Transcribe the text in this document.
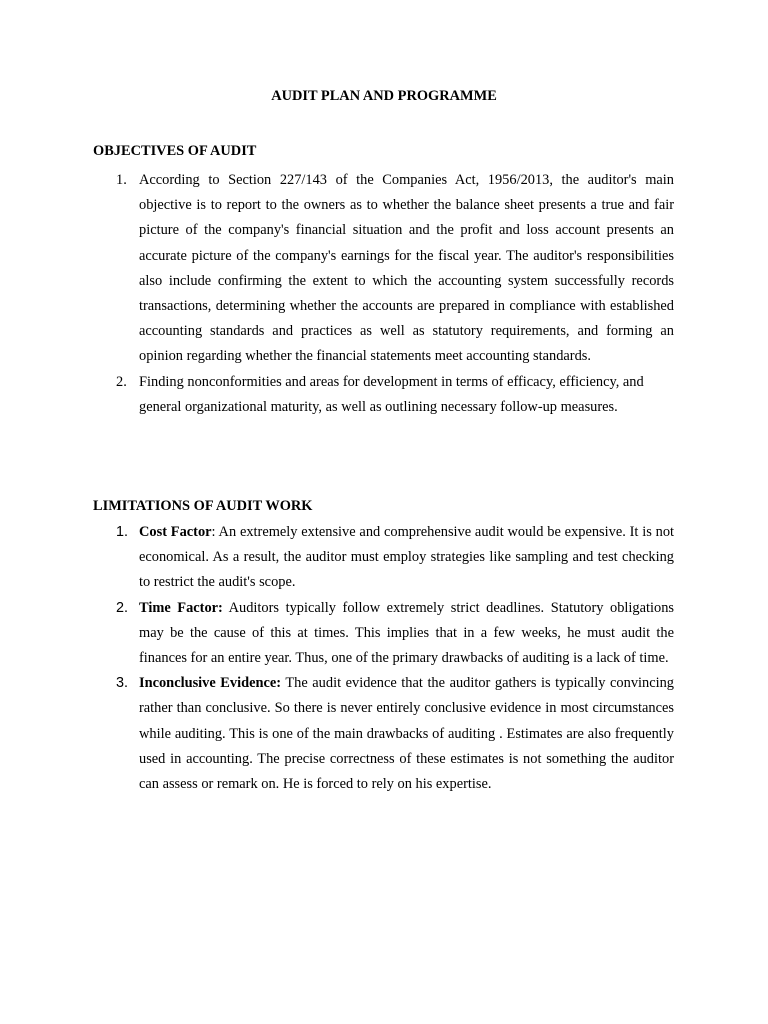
AUDIT PLAN AND PROGRAMME
OBJECTIVES OF AUDIT
1. According to Section 227/143 of the Companies Act, 1956/2013, the auditor's main objective is to report to the owners as to whether the balance sheet presents a true and fair picture of the company's financial situation and the profit and loss account presents an accurate picture of the company's earnings for the fiscal year. The auditor's responsibilities also include confirming the extent to which the accounting system successfully records transactions, determining whether the accounts are prepared in compliance with established accounting standards and practices as well as statutory requirements, and forming an opinion regarding whether the financial statements meet accounting standards.
2. Finding nonconformities and areas for development in terms of efficacy, efficiency, and general organizational maturity, as well as outlining necessary follow-up measures.
LIMITATIONS OF AUDIT WORK
1. Cost Factor: An extremely extensive and comprehensive audit would be expensive. It is not economical. As a result, the auditor must employ strategies like sampling and test checking to restrict the audit's scope.
2. Time Factor: Auditors typically follow extremely strict deadlines. Statutory obligations may be the cause of this at times. This implies that in a few weeks, he must audit the finances for an entire year. Thus, one of the primary drawbacks of auditing is a lack of time.
3. Inconclusive Evidence: The audit evidence that the auditor gathers is typically convincing rather than conclusive. So there is never entirely conclusive evidence in most circumstances while auditing. This is one of the main drawbacks of auditing . Estimates are also frequently used in accounting. The precise correctness of these estimates is not something the auditor can assess or remark on. He is forced to rely on his expertise.
